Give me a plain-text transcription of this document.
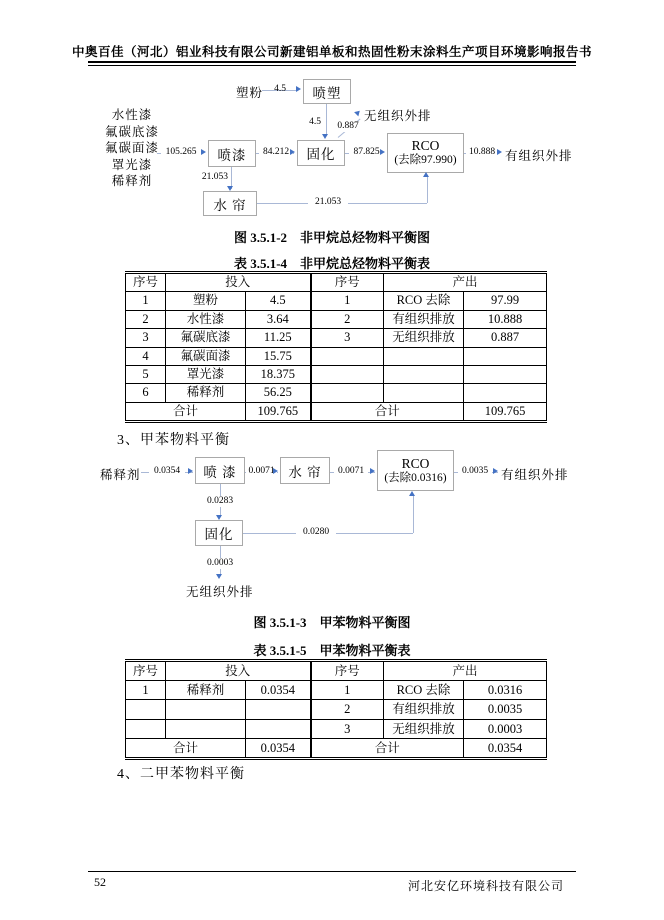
中奥百佳（河北）铝业科技有限公司新建铝单板和热固性粉末涂料生产项目环境影响报告书
塑粉	4.5	喷塑
4.5
水性漆
氟碳底漆
氟碳面漆
罩光漆
稀释剂
105.265	喷漆	84.212	固化
0.887
无组织外排
87.825	RCO
(去除97.990)
10.888 有组织外排
21.053
水 帘	21.053
图 3.5.1-2　非甲烷总烃物料平衡图
表 3.5.1-4　非甲烷总烃物料平衡表
序号	投入		序号	产出	
1	塑粉	4.5	1	RCO 去除	97.99
2	水性漆	3.64	2	有组织排放	10.888
3	氟碳底漆	11.25	3	无组织排放	0.887
4	氟碳面漆	15.75			
5	罩光漆	18.375			
6	稀释剂	56.25			
合计		109.765	合计		109.765
3、甲苯物料平衡
稀释剂	0.0354	喷 漆	0.0071	水 帘	0.0071
RCO
(去除0.0316)
0.0035	有组织外排
0.0283
固化	0.0280
0.0003
无组织外排
图 3.5.1-3　甲苯物料平衡图
表 3.5.1-5　甲苯物料平衡表
序号	投入		序号	产出	
1	稀释剂	0.0354	1	RCO 去除	0.0316
			2	有组织排放	0.0035
			3	无组织排放	0.0003
合计		0.0354	合计		0.0354
4、二甲苯物料平衡
52	河北安亿环境科技有限公司
